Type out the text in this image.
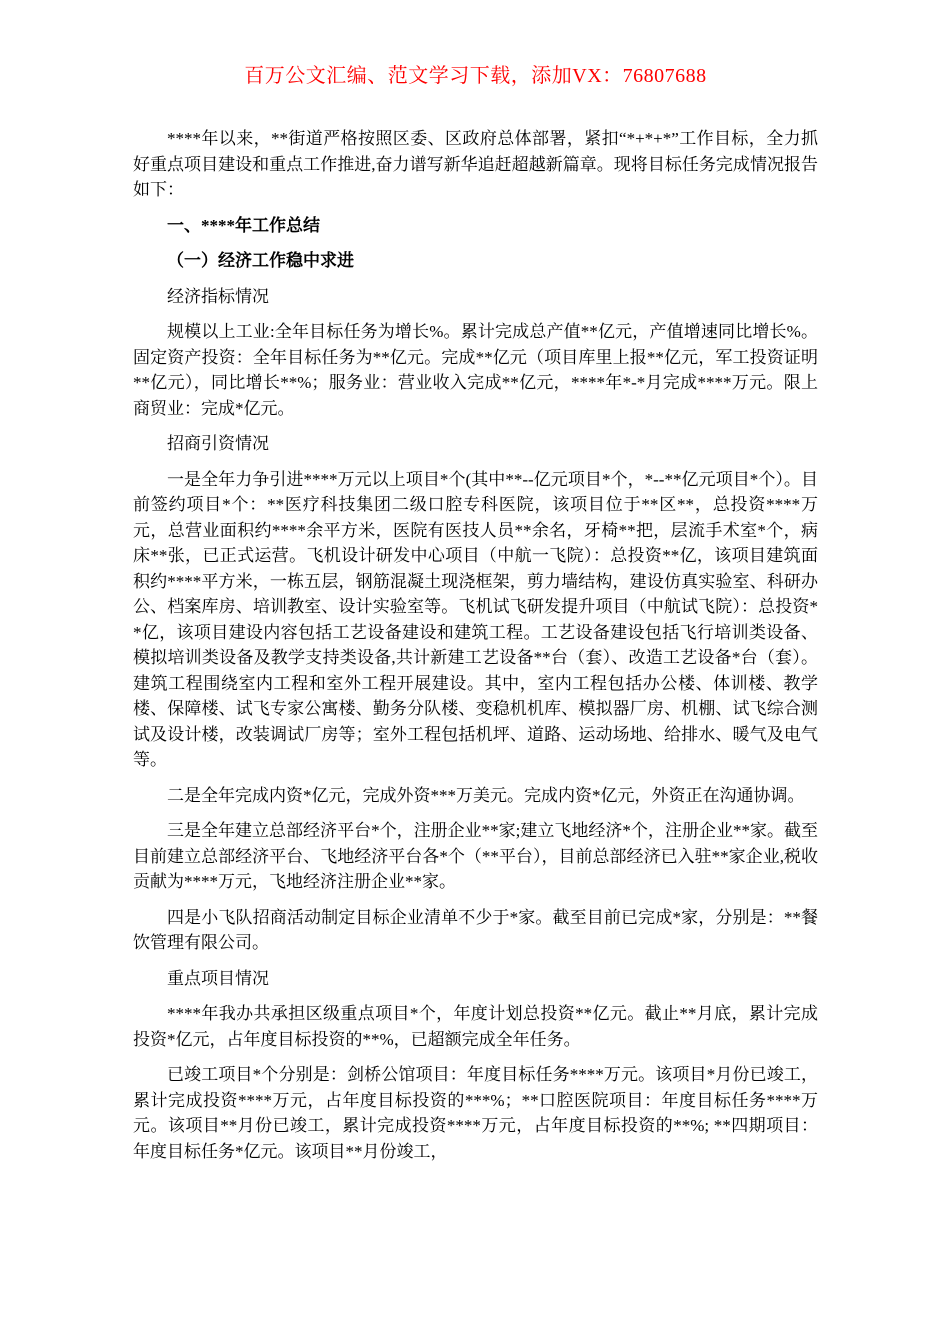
百万公文汇编、范文学习下载，添加VX：76807688

****年以来，**街道严格按照区委、区政府总体部署，紧扣“*+*+*”工作目标，全力抓好重点项目建设和重点工作推进,奋力谱写新华追赶超越新篇章。现将目标任务完成情况报告如下：

一、****年工作总结

（一）经济工作稳中求进

经济指标情况

规模以上工业:全年目标任务为增长%。累计完成总产值**亿元，产值增速同比增长%。固定资产投资：全年目标任务为**亿元。完成**亿元（项目库里上报**亿元，军工投资证明**亿元），同比增长**%；服务业：营业收入完成**亿元，****年*-*月完成****万元。限上商贸业：完成*亿元。

招商引资情况

一是全年力争引进****万元以上项目*个(其中**--亿元项目*个，*--**亿元项目*个）。目前签约项目*个：**医疗科技集团二级口腔专科医院，该项目位于**区**，总投资****万元，总营业面积约****余平方米，医院有医技人员**余名，牙椅**把，层流手术室*个，病床**张，已正式运营。飞机设计研发中心项目（中航一飞院）：总投资**亿，该项目建筑面积约****平方米，一栋五层，钢筋混凝土现浇框架，剪力墙结构，建设仿真实验室、科研办公、档案库房、培训教室、设计实验室等。飞机试飞研发提升项目（中航试飞院）：总投资**亿，该项目建设内容包括工艺设备建设和建筑工程。工艺设备建设包括飞行培训类设备、模拟培训类设备及教学支持类设备,共计新建工艺设备**台（套）、改造工艺设备*台（套）。建筑工程围绕室内工程和室外工程开展建设。其中，室内工程包括办公楼、体训楼、教学楼、保障楼、试飞专家公寓楼、勤务分队楼、变稳机机库、模拟器厂房、机棚、试飞综合测试及设计楼，改装调试厂房等；室外工程包括机坪、道路、运动场地、给排水、暖气及电气等。

二是全年完成内资*亿元，完成外资***万美元。完成内资*亿元，外资正在沟通协调。

三是全年建立总部经济平台*个，注册企业**家;建立飞地经济*个，注册企业**家。截至目前建立总部经济平台、飞地经济平台各*个（**平台），目前总部经济已入驻**家企业,税收贡献为****万元，飞地经济注册企业**家。

四是小飞队招商活动制定目标企业清单不少于*家。截至目前已完成*家，分别是：**餐饮管理有限公司。

重点项目情况

****年我办共承担区级重点项目*个，年度计划总投资**亿元。截止**月底，累计完成投资*亿元，占年度目标投资的**%，已超额完成全年任务。

已竣工项目*个分别是：剑桥公馆项目：年度目标任务****万元。该项目*月份已竣工，累计完成投资****万元，占年度目标投资的***%；**口腔医院项目：年度目标任务****万元。该项目**月份已竣工，累计完成投资****万元，占年度目标投资的**%; **四期项目：年度目标任务*亿元。该项目**月份竣工，
